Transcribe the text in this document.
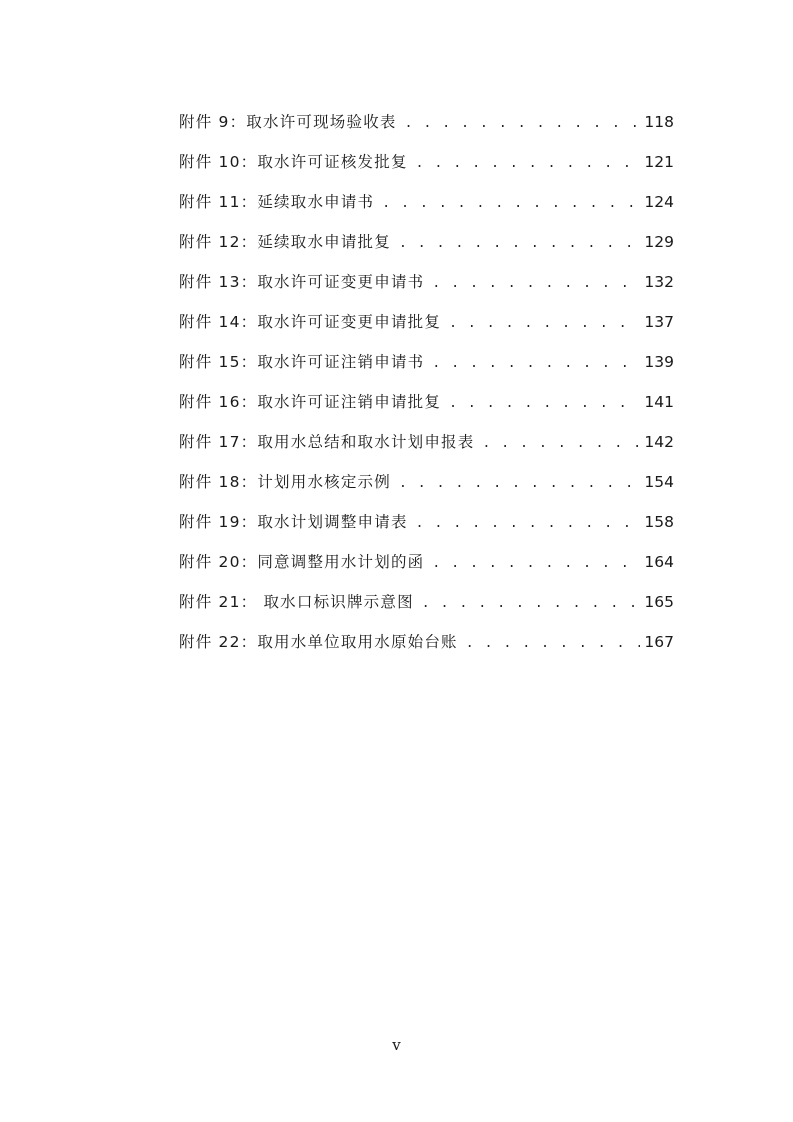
附件 9：取水许可现场验收表 . . .	118
附件 10：取水许可证核发批复 . . .	121
附件 11：延续取水申请书 . . .	124
附件 12：延续取水申请批复 . . .	129
附件 13：取水许可证变更申请书 . . .	132
附件 14：取水许可证变更申请批复 . . .	137
附件 15：取水许可证注销申请书 . . .	139
附件 16：取水许可证注销申请批复 . . .	141
附件 17：取用水总结和取水计划申报表 . . .	142
附件 18：计划用水核定示例 . . .	154
附件 19：取水计划调整申请表 . . .	158
附件 20：同意调整用水计划的函 . . .	164
附件 21： 取水口标识牌示意图 . . .	165
附件 22：取用水单位取用水原始台账 . . .	167
v
